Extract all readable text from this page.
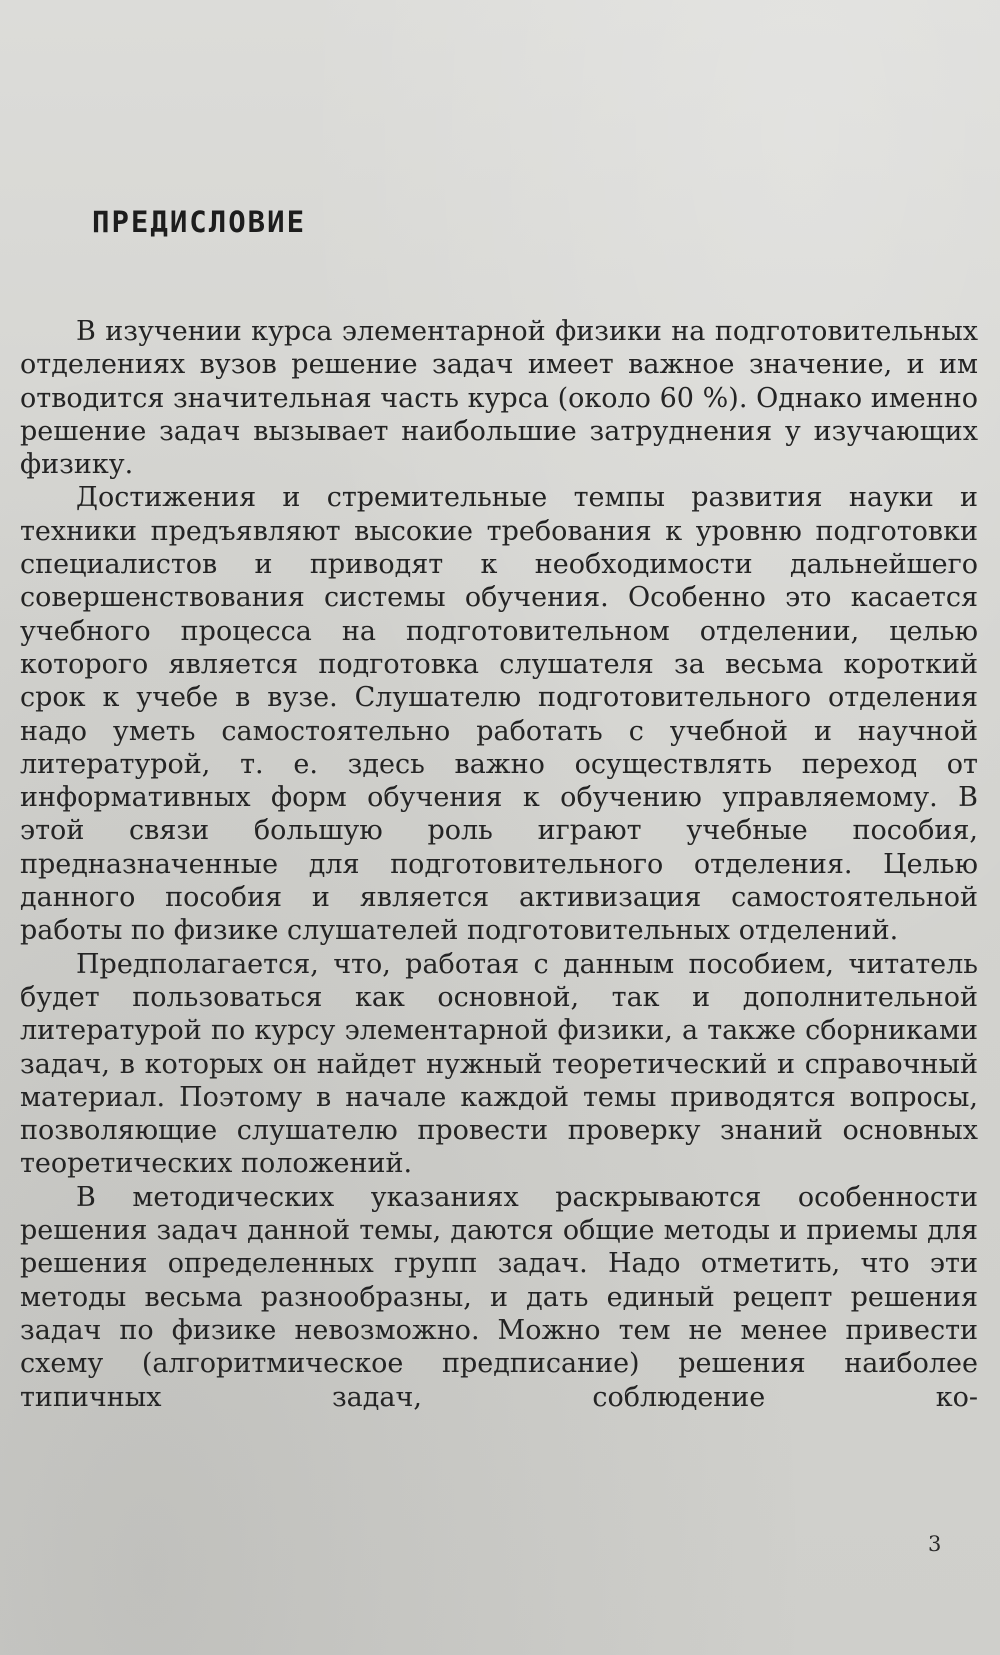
ПРЕДИСЛОВИЕ

В изучении курса элементарной физики на подготовительных отделениях вузов решение задач имеет важное значение, и им отводится значительная часть курса (около 60 %). Однако именно решение задач вызывает наибольшие затруднения у изучающих физику.

Достижения и стремительные темпы развития науки и техники предъявляют высокие требования к уровню подготовки специалистов и приводят к необходимости дальнейшего совершенствования системы обучения. Особенно это касается учебного процесса на подготовительном отделении, целью которого является подготовка слушателя за весьма короткий срок к учебе в вузе. Слушателю подготовительного отделения надо уметь самостоятельно работать с учебной и научной литературой, т. е. здесь важно осуществлять переход от информативных форм обучения к обучению управляемому. В этой связи большую роль играют учебные пособия, предназначенные для подготовительного отделения. Целью данного пособия и является активизация самостоятельной работы по физике слушателей подготовительных отделений.

Предполагается, что, работая с данным пособием, читатель будет пользоваться как основной, так и дополнительной литературой по курсу элементарной физики, а также сборниками задач, в которых он найдет нужный теоретический и справочный материал. Поэтому в начале каждой темы приводятся вопросы, позволяющие слушателю провести проверку знаний основных теоретических положений.

В методических указаниях раскрываются особенности решения задач данной темы, даются общие методы и приемы для решения определенных групп задач. Надо отметить, что эти методы весьма разнообразны, и дать единый рецепт решения задач по физике невозможно. Можно тем не менее привести схему (алгоритмическое предписание) решения наиболее типичных задач, соблюдение ко-

3
